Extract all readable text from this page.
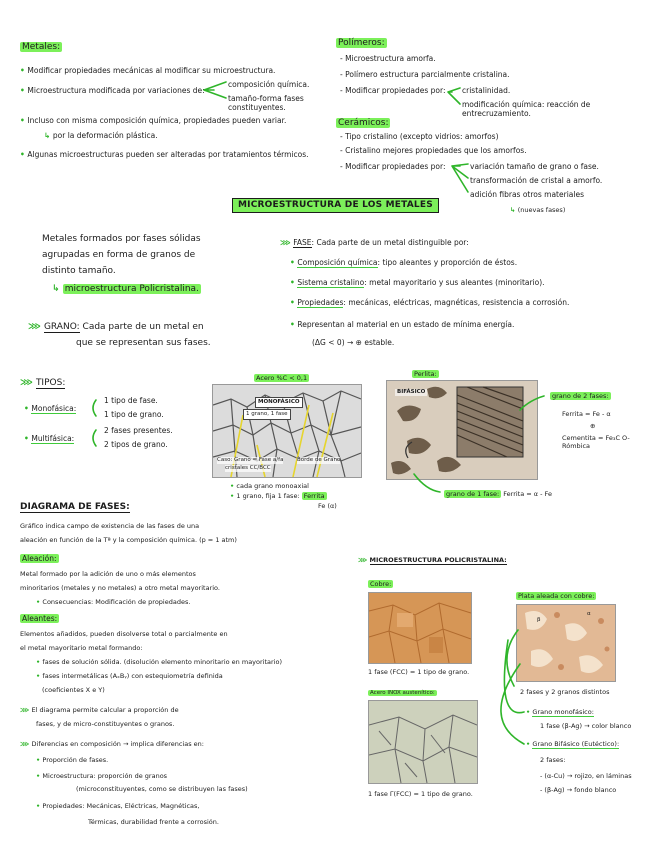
Metales:
• Modificar propiedades mecánicas al modificar su microestructura.
• Microestructura modificada por variaciones de:
composición química.
tamaño-forma fases constituyentes.
• Incluso con misma composición química, propiedades pueden variar.
↳ por la deformación plástica.
• Algunas microestructuras pueden ser alteradas por tratamientos térmicos.
Polímeros:
- Microestructura amorfa.
- Polímero estructura parcialmente cristalina.
- Modificar propiedades por: cristalinidad.
modificación química: reacción de entrecruzamiento.
Cerámicos:
- Tipo cristalino (excepto vidrios: amorfos)
- Cristalino mejores propiedades que los amorfos.
- Modificar propiedades por:	variación tamaño de grano o fase.
transformación de cristal a amorfo.
adición fibras otros materiales
↳ (nuevas fases)
MICROESTRUCTURA DE LOS METALES
Metales formados por fases sólidas
agrupadas en forma de granos de
distinto tamaño.
↳ microestructura Policristalina.
⋙ GRANO: Cada parte de un metal en
que se representan sus fases.
⋙ FASE: Cada parte de un metal distinguible por:
• Composición química: tipo aleantes y proporción de éstos.
• Sistema cristalino: metal mayoritario y sus aleantes (minoritario).
• Propiedades: mecánicas, eléctricas, magnéticas, resistencia a corrosión.
• Representan al material en un estado de mínima energía.
(ΔG < 0) → ⊕ estable.
⋙ TIPOS:
• Monofásica:
1 tipo de fase.
1 tipo de grano.
• Multifásica:
2 fases presentes.
2 tipos de grano.
Acero %C < 0,1
MONOFÁSICO
1 grano, 1 fase
Caso: Grano = Fase a/fa
cristales CC/BCC
Borde de Grano
• cada grano monoaxial
• 1 grano, fija 1 fase: Ferrita
Fe (α)
Perlita:
BIFÁSICO	grano de 2 fases:
Ferrita = Fe - α
⊕
Cementita = Fe₃C O-Rómbica
grano de 1 fase: Ferrita = α - Fe
DIAGRAMA DE FASES:
Gráfico indica campo de existencia de las fases de una
aleación en función de la Tª y la composición química. (p = 1 atm)
Aleación:
Metal formado por la adición de uno o más elementos
minoritarios (metales y no metales) a otro metal mayoritario.
• Consecuencias: Modificación de propiedades.
Aleantes:
Elementos añadidos, pueden disolverse total o parcialmente en
el metal mayoritario metal formando:
• fases de solución sólida. (disolución elemento minoritario en mayoritario)
• fases intermetálicas (AₓBᵧ) con estequiometría definida
(coeficientes X e Y)
⋙ El diagrama permite calcular a proporción de
fases, y de micro-constituyentes o granos.
⋙ Diferencias en composición → implica diferencias en:
• Proporción de fases.
• Microestructura: proporción de granos
(microconstituyentes, como se distribuyen las fases)
• Propiedades: Mecánicas, Eléctricas, Magnéticas,
Térmicas, durabilidad frente a corrosión.
⋙ MICROESTRUCTURA POLICRISTALINA:
Cobre:
1 fase (FCC) = 1 tipo de grano.
Acero INOX austenítico:
1 fase Γ(FCC) = 1 tipo de grano.
Plata aleada con cobre:
β
α
2 fases y 2 granos distintos
• Grano monofásico:
1 fase (β-Ag) → color blanco
• Grano Bifásico (Eutéctico):
2 fases:
- (α-Cu) → rojizo, en láminas
- (β-Ag) → fondo blanco
